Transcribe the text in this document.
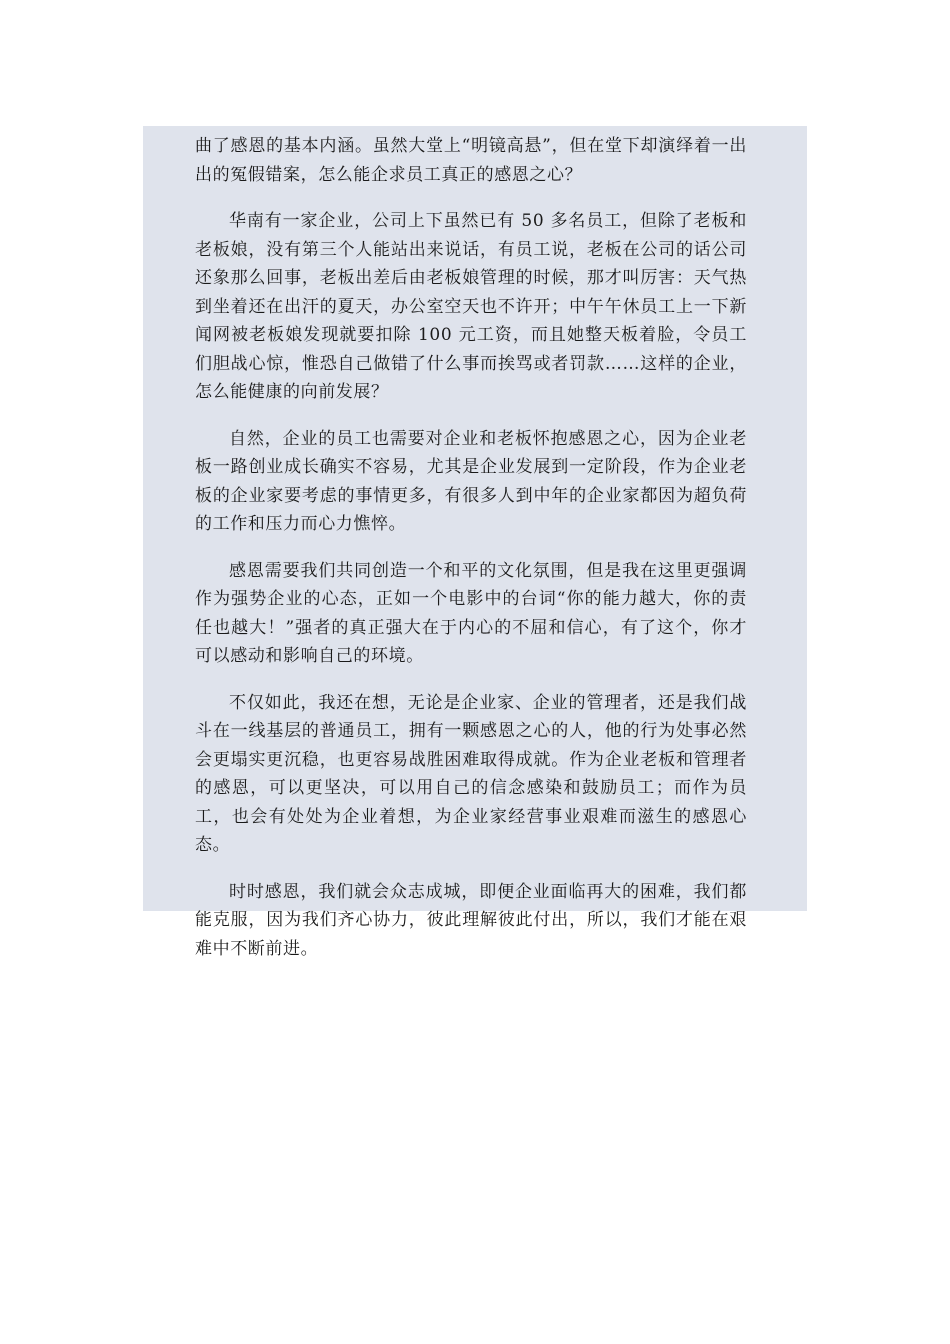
曲了感恩的基本内涵。虽然大堂上“明镜高悬”，但在堂下却演绎着一出出的冤假错案，怎么能企求员工真正的感恩之心？

华南有一家企业，公司上下虽然已有 50 多名员工，但除了老板和老板娘，没有第三个人能站出来说话，有员工说，老板在公司的话公司还象那么回事，老板出差后由老板娘管理的时候，那才叫厉害：天气热到坐着还在出汗的夏天，办公室空天也不许开；中午午休员工上一下新闻网被老板娘发现就要扣除 100 元工资，而且她整天板着脸，令员工们胆战心惊，惟恐自己做错了什么事而挨骂或者罚款……这样的企业，怎么能健康的向前发展？

自然，企业的员工也需要对企业和老板怀抱感恩之心，因为企业老板一路创业成长确实不容易，尤其是企业发展到一定阶段，作为企业老板的企业家要考虑的事情更多，有很多人到中年的企业家都因为超负荷的工作和压力而心力憔悴。

感恩需要我们共同创造一个和平的文化氛围，但是我在这里更强调作为强势企业的心态，正如一个电影中的台词“你的能力越大，你的责任也越大！”强者的真正强大在于内心的不屈和信心，有了这个，你才可以感动和影响自己的环境。

不仅如此，我还在想，无论是企业家、企业的管理者，还是我们战斗在一线基层的普通员工，拥有一颗感恩之心的人，他的行为处事必然会更塌实更沉稳，也更容易战胜困难取得成就。作为企业老板和管理者的感恩，可以更坚决，可以用自己的信念感染和鼓励员工；而作为员工，也会有处处为企业着想，为企业家经营事业艰难而滋生的感恩心态。

时时感恩，我们就会众志成城，即便企业面临再大的困难，我们都能克服，因为我们齐心协力，彼此理解彼此付出，所以，我们才能在艰难中不断前进。
